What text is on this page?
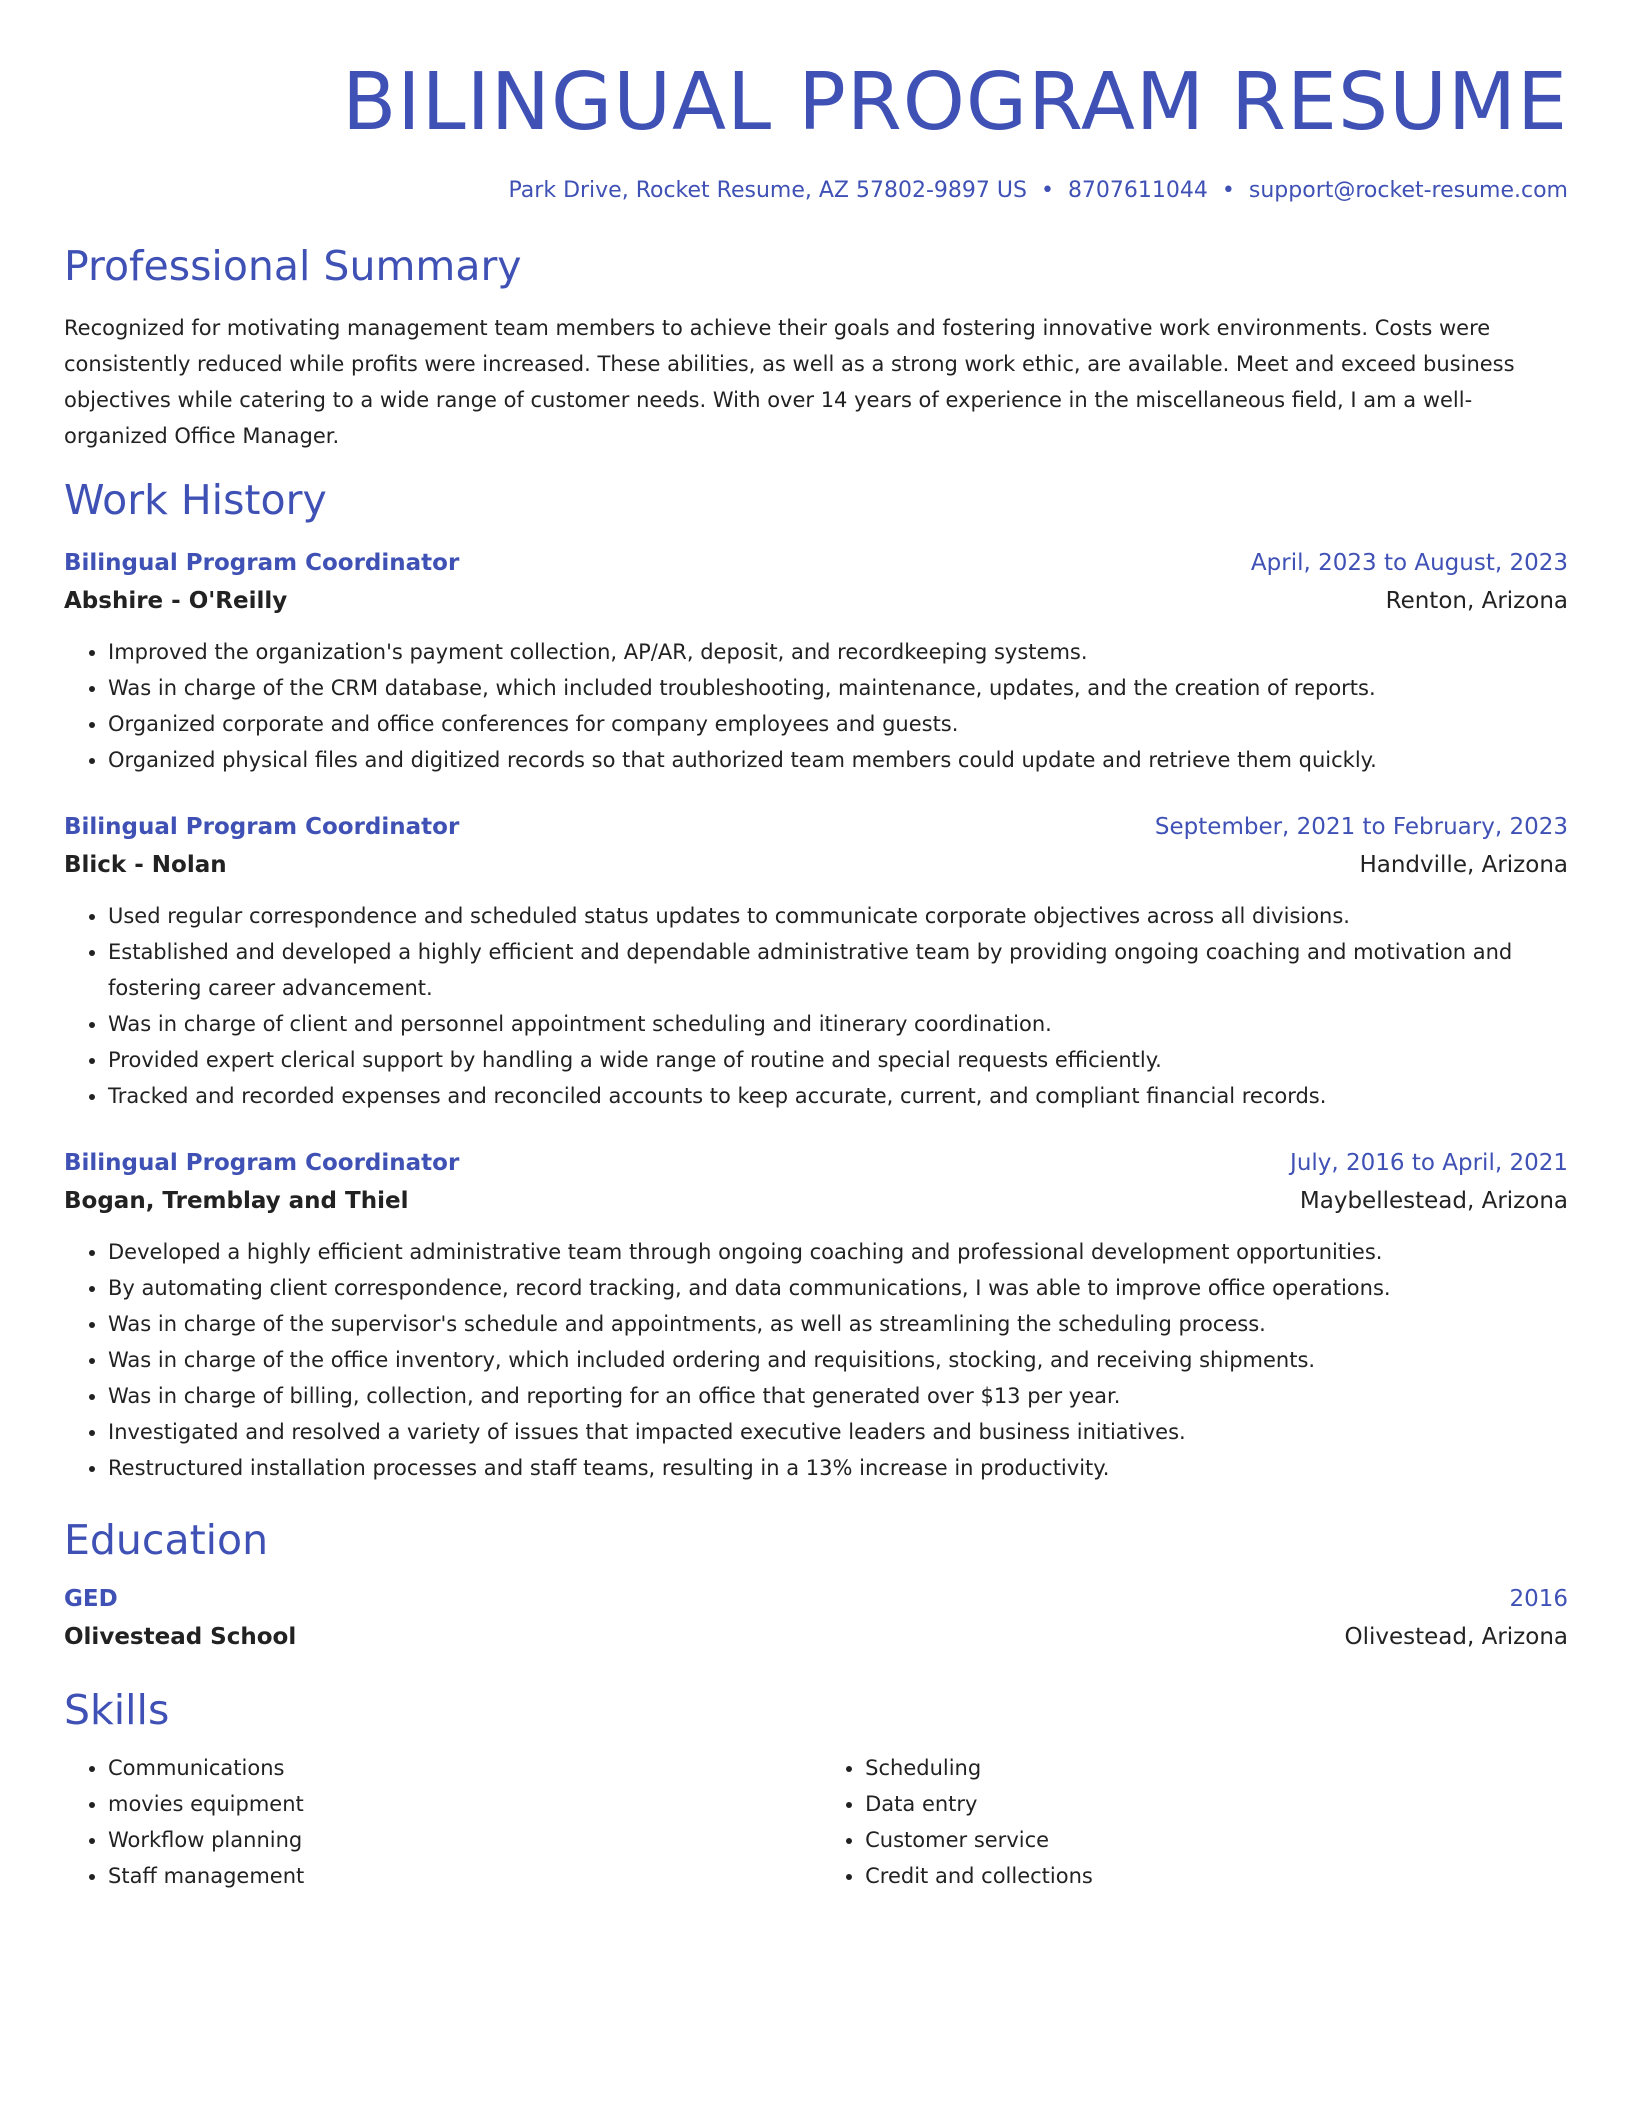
BILINGUAL PROGRAM RESUME
Park Drive, Rocket Resume, AZ 57802-9897 US • 8707611044 • support@rocket-resume.com
Professional Summary
Recognized for motivating management team members to achieve their goals and fostering innovative work environments. Costs were consistently reduced while profits were increased. These abilities, as well as a strong work ethic, are available. Meet and exceed business objectives while catering to a wide range of customer needs. With over 14 years of experience in the miscellaneous field, I am a well-organized Office Manager.
Work History
Bilingual Program Coordinator	April, 2023 to August, 2023
Abshire - O'Reilly	Renton, Arizona
• Improved the organization's payment collection, AP/AR, deposit, and recordkeeping systems.
• Was in charge of the CRM database, which included troubleshooting, maintenance, updates, and the creation of reports.
• Organized corporate and office conferences for company employees and guests.
• Organized physical files and digitized records so that authorized team members could update and retrieve them quickly.
Bilingual Program Coordinator	September, 2021 to February, 2023
Blick - Nolan	Handville, Arizona
• Used regular correspondence and scheduled status updates to communicate corporate objectives across all divisions.
• Established and developed a highly efficient and dependable administrative team by providing ongoing coaching and motivation and fostering career advancement.
• Was in charge of client and personnel appointment scheduling and itinerary coordination.
• Provided expert clerical support by handling a wide range of routine and special requests efficiently.
• Tracked and recorded expenses and reconciled accounts to keep accurate, current, and compliant financial records.
Bilingual Program Coordinator	July, 2016 to April, 2021
Bogan, Tremblay and Thiel	Maybellestead, Arizona
• Developed a highly efficient administrative team through ongoing coaching and professional development opportunities.
• By automating client correspondence, record tracking, and data communications, I was able to improve office operations.
• Was in charge of the supervisor's schedule and appointments, as well as streamlining the scheduling process.
• Was in charge of the office inventory, which included ordering and requisitions, stocking, and receiving shipments.
• Was in charge of billing, collection, and reporting for an office that generated over $13 per year.
• Investigated and resolved a variety of issues that impacted executive leaders and business initiatives.
• Restructured installation processes and staff teams, resulting in a 13% increase in productivity.
Education
GED	2016
Olivestead School	Olivestead, Arizona
Skills
• Communications
• movies equipment
• Workflow planning
• Staff management
• Scheduling
• Data entry
• Customer service
• Credit and collections
